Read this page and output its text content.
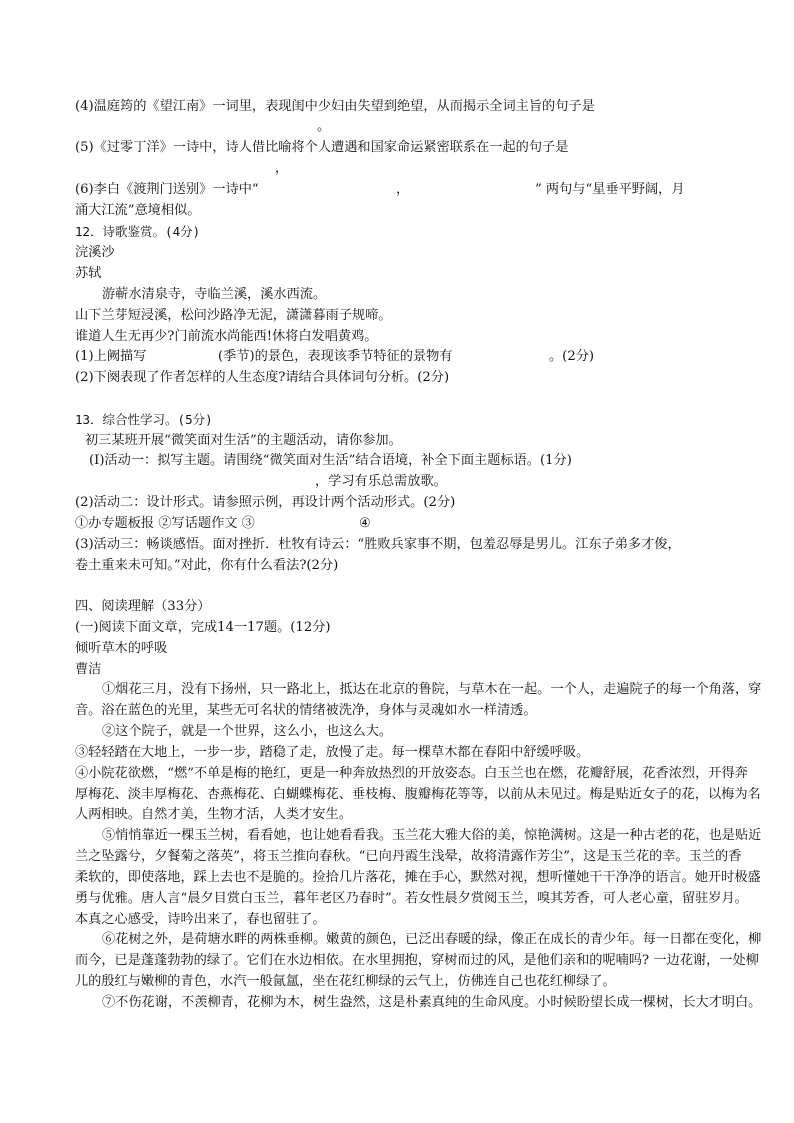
(4)温庭筠的《望江南》一词里，表现闺中少妇由失望到绝望，从而揭示全词主旨的句子是
。
(5)《过零丁洋》一诗中，诗人借比喻将个人遭遇和国家命运紧密联系在一起的句子是
，
(6)李白《渡荆门送别》一诗中“	，	” 两句与“星垂平野阔，月
涌大江流”意境相似。
12．诗歌鉴赏。(4分)
浣溪沙
苏轼
游蕲水清泉寺，寺临兰溪，溪水西流。
山下兰芽短浸溪，松问沙路净无泥，潇潇暮雨子规啼。
谁道人生无再少?门前流水尚能西!休将白发唱黄鸡。
(1)上阙描写	(季节)的景色，表现该季节特征的景物有	。(2分)
(2)下阕表现了作者怎样的人生态度?请结合具体词句分析。(2分)
13．综合性学习。(5分)
初三某班开展“微笑面对生活”的主题活动，请你参加。
(I)活动一：拟写主题。请围绕“微笑面对生活”结合语境，补全下面主题标语。(1分)
，学习有乐总需放歌。
(2)活动二：设计形式。请参照示例，再设计两个活动形式。(2分)
①办专题板报 ②写话题作文 ③	④
(3)活动三：畅谈感悟。面对挫折．杜牧有诗云：“胜败兵家事不期，包羞忍辱是男儿。江东子弟多才俊，
卷土重来未可知。”对此，你有什么看法?(2分)
四、阅读理解（33分）
(一)阅读下面文章，完成14一17题。(12分)
倾听草木的呼吸
曹洁
①烟花三月，没有下扬州，只一路北上，抵达在北京的鲁院，与草木在一起。一个人，走遍院子的每一个角落，穿
音。浴在蓝色的光里，某些无可名状的情绪被洗净，身体与灵魂如水一样清透。
②这个院子，就是一个世界，这么小，也这么大。
③轻轻踏在大地上，一步一步，踏稳了走，放慢了走。每一棵草木都在春阳中舒缓呼吸。
④小院花欲燃，“燃”不单是梅的艳红，更是一种奔放热烈的开放姿态。白玉兰也在燃，花瓣舒展，花香浓烈，开得奔
厚梅花、淡丰厚梅花、杏燕梅花、白蝴蝶梅花、垂枝梅、腹瓣梅花等等，以前从未见过。梅是贴近女子的花，以梅为名
人两相映。自然才美，生物才活，人类才安生。
⑤悄悄靠近一棵玉兰树，看看她，也让她看看我。玉兰花大雅大俗的美，惊艳满树。这是一种古老的花，也是贴近
兰之坠露兮，夕餐菊之落英”，将玉兰推向春秋。“已向丹霞生浅晕，故将清露作芳尘”，这是玉兰花的幸。玉兰的香
柔软的，即使落地，踩上去也不是脆的。捡拾几片落花，摊在手心，默然对视，想听懂她干干净净的语言。她开时极盛
勇与优雅。唐人言“晨夕目赏白玉兰，暮年老区乃春时”。若女性晨夕赏阅玉兰，嗅其芳香，可人老心童，留驻岁月。
本真之心感受，诗吟出来了，春也留驻了。
⑥花树之外，是荷塘水畔的两株垂柳。嫩黄的颜色，已泛出春暖的绿，像正在成长的青少年。每一日都在变化，柳
而今，已是蓬蓬勃勃的绿了。它们在水边相依。在水里拥抱，穿树而过的风，是他们亲和的呢喃吗? 一边花谢，一处柳
儿的殷红与嫩柳的青色，水汽一般氤氲，坐在花红柳绿的云气上，仿佛连自己也花红柳绿了。
⑦不伤花谢，不羡柳青，花柳为木，树生盎然，这是朴素真纯的生命风度。小时候盼望长成一棵树，长大才明白。
